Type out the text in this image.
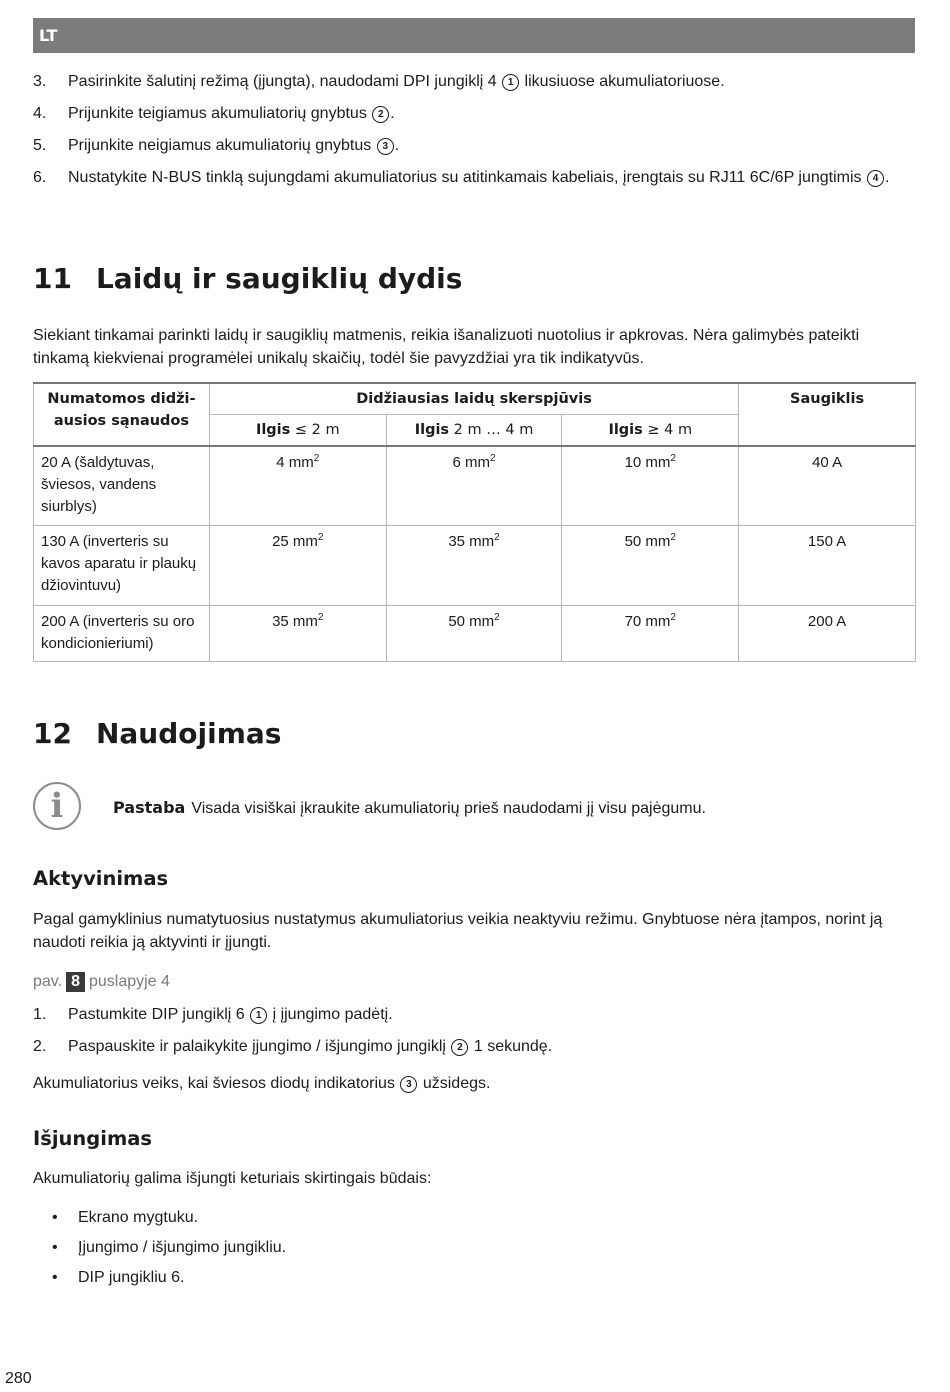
LT
3.	Pasirinkite šalutinį režimą (įjungta), naudodami DPI jungiklį 4 1 likusiuose akumuliatoriuose.
4.	Prijunkite teigiamus akumuliatorių gnybtus 2 .
5.	Prijunkite neigiamus akumuliatorių gnybtus 3 .
6.	Nustatykite N-BUS tinklą sujungdami akumuliatorius su atitinkamais kabeliais, įrengtais su RJ11 6C/6P jungtimis 4 .
11 Laidų ir saugiklių dydis

Siekiant tinkamai parinkti laidų ir saugiklių matmenis, reikia išanalizuoti nuotolius ir apkrovas. Nėra galimybės pateikti tinkamą kiekvienai programėlei unikalų skaičių, todėl šie pavyzdžiai yra tik indikatyvūs.

Numatomos didži-ausios sąnaudos	Didžiausias laidų skerspjūvis			Saugiklis
	Ilgis ≤ 2 m	Ilgis 2 m … 4 m	Ilgis ≥ 4 m	
20 A (šaldytuvas, šviesos, vandens siurblys)	4 $mm^2$	6 $mm^2$	10 $mm^2$	40 A
130 A (inverteris su kavos aparatu ir plaukų džiovintuvu)	25 $mm^2$	35 $mm^2$	50 $mm^2$	150 A
200 A (inverteris su oro kondicionieriumi)	35 $mm^2$	50 $mm^2$	70 $mm^2$	200 A
12 Naudojimas
i	Pastaba Visada visiškai įkraukite akumuliatorių prieš naudodami jį visu pajėgumu.
Aktyvinimas

Pagal gamyklinius numatytuosius nustatymus akumuliatorius veikia neaktyviu režimu. Gnybtuose nėra įtampos, norint ją naudoti reikia ją aktyvinti ir įjungti.

pav. 8 puslapyje 4
1.	Pastumkite DIP jungiklį 6 1 į įjungimo padėtį.
2.	Paspauskite ir palaikykite įjungimo / išjungimo jungiklį 2 1 sekundę.

Akumuliatorius veiks, kai šviesos diodų indikatorius 3 užsidegs.

Išjungimas

Akumuliatorių galima išjungti keturiais skirtingais būdais:

•	Ekrano mygtuku.
•	Įjungimo / išjungimo jungikliu.
•	DIP jungikliu 6.
280
